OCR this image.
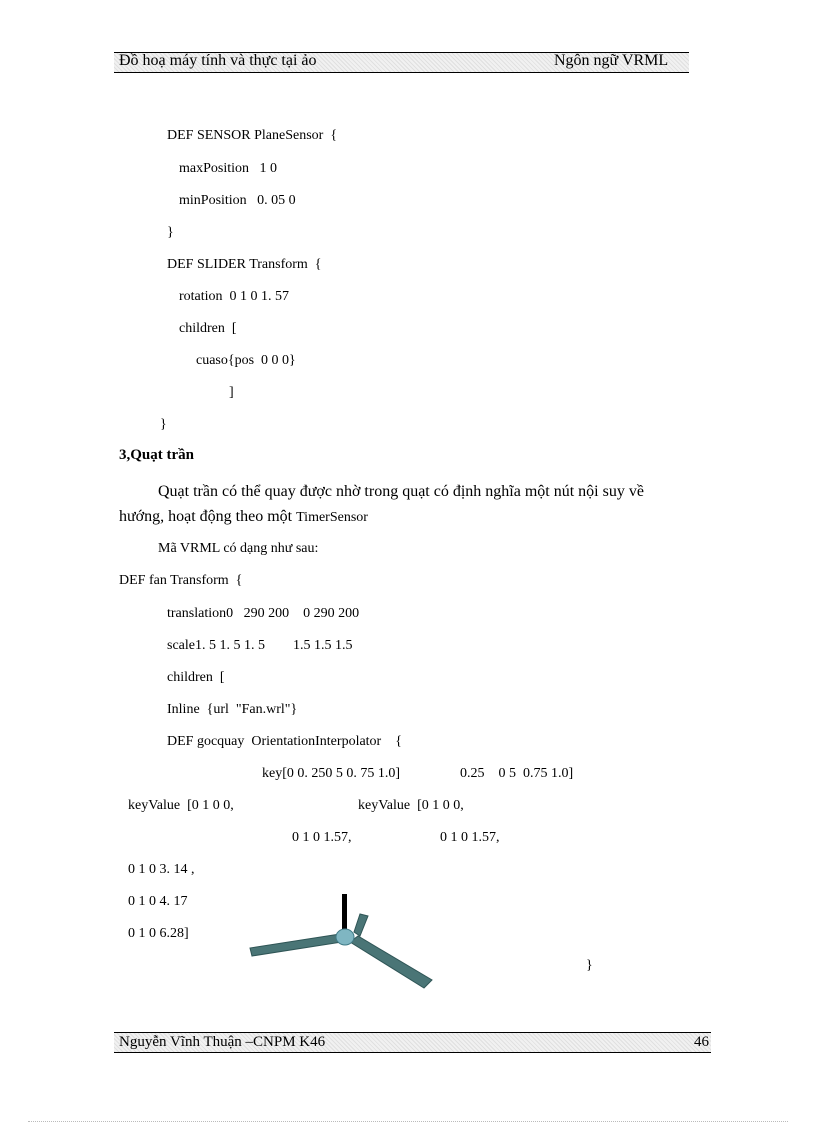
Đồ hoạ máy tính và thực tại ảo	Ngôn ngữ VRML
DEF SENSOR PlaneSensor  {
maxPosition   1 0
minPosition   0. 05 0
}
DEF SLIDER Transform  {
rotation  0 1 0 1. 57
children  [
cuaso{pos  0 0 0}
]
}
3,Quạt trần
Quạt trần có thể quay được nhờ trong quạt có định nghĩa một nút nội suy về
hướng, hoạt động theo một TimerSensor
Mã VRML có dạng như sau:
DEF fan Transform  {
translation0   290 200    0 290 200
scale1. 5 1. 5 1. 5        1.5 1.5 1.5
children  [
Inline  {url  "Fan.wrl"}
DEF gocquay  OrientationInterpolator    {
key[0 0. 250 5 0. 75 1.0]	0.25    0 5  0.75 1.0]
keyValue  [0 1 0 0,	keyValue  [0 1 0 0,
0 1 0 1.57,	0 1 0 1.57,
0 1 0 3. 14 ,
0 1 0 4. 17
0 1 0 6.28]
}
Nguyễn Vĩnh Thuận –CNPM K46	46
